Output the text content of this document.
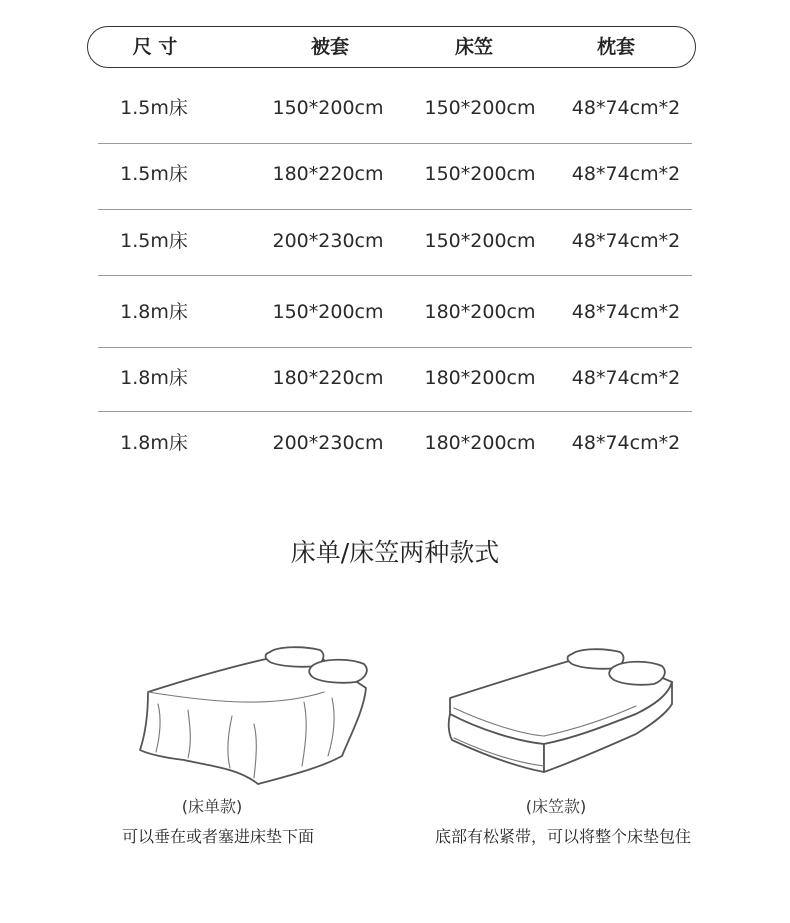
尺 寸	被套	床笠	枕套
1.5m床	150*200cm	150*200cm	48*74cm*2
1.5m床	180*220cm	150*200cm	48*74cm*2
1.5m床	200*230cm	150*200cm	48*74cm*2
1.8m床	150*200cm	180*200cm	48*74cm*2
1.8m床	180*220cm	180*200cm	48*74cm*2
1.8m床	200*230cm	180*200cm	48*74cm*2
床单/床笠两种款式
(床单款)
可以垂在或者塞进床垫下面
(床笠款)
底部有松紧带，可以将整个床垫包住
